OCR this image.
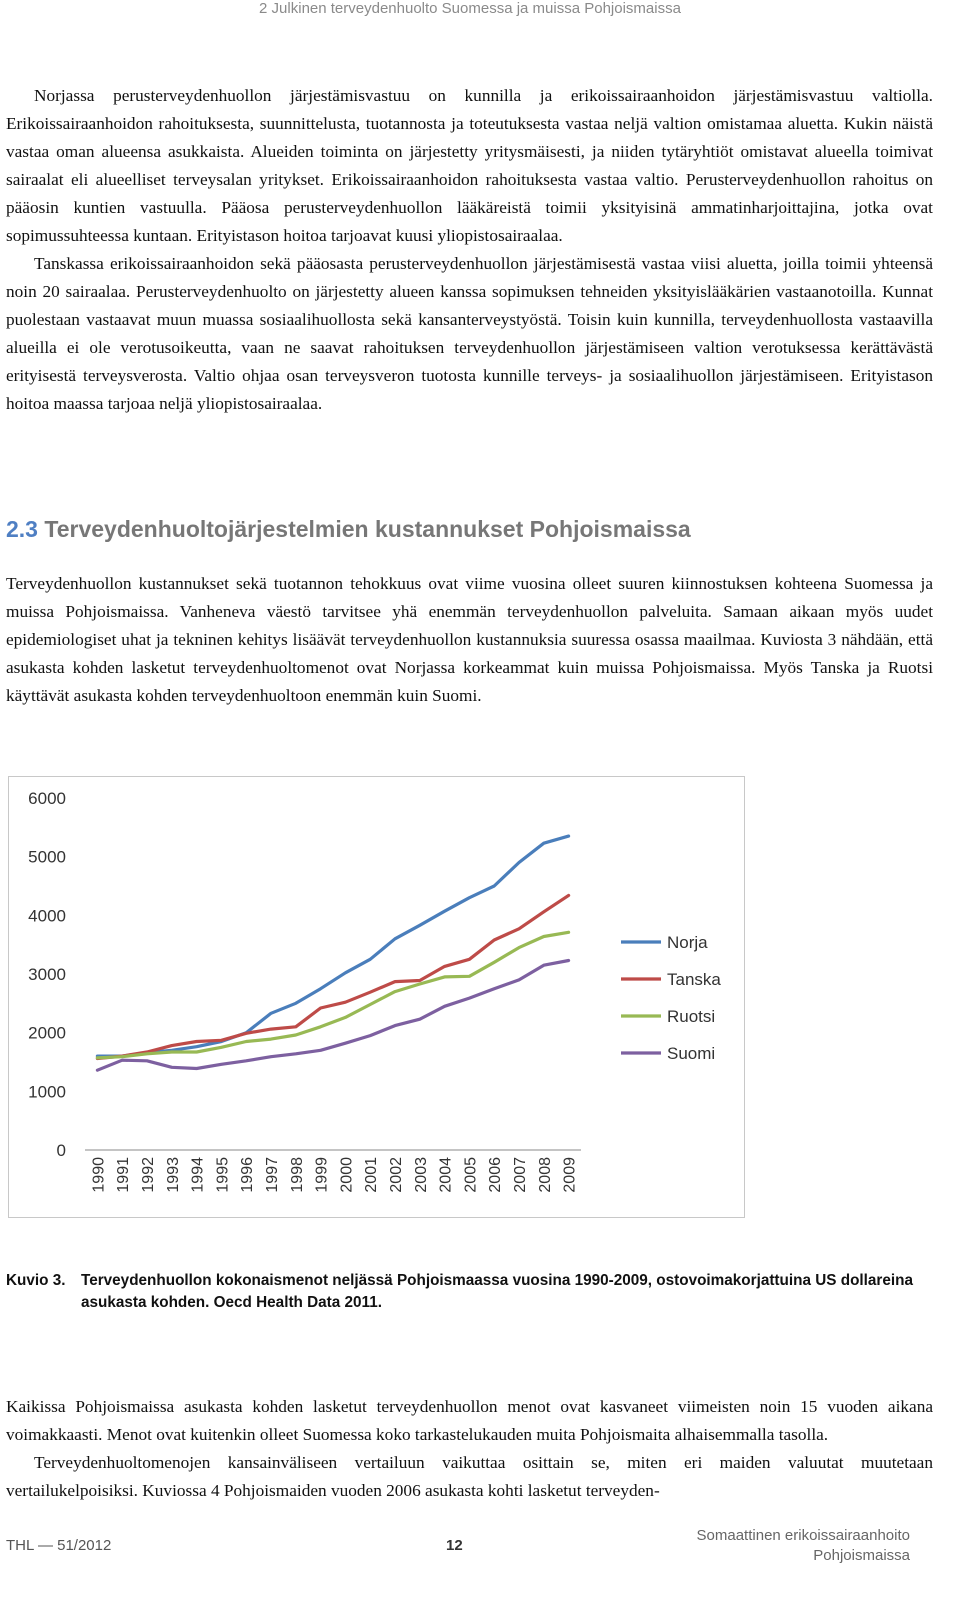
2 Julkinen terveydenhuolto Suomessa ja muissa Pohjoismaissa

Norjassa perusterveydenhuollon järjestämisvastuu on kunnilla ja erikoissairaanhoidon järjestämisvastuu valtiolla. Erikoissairaanhoidon rahoituksesta, suunnittelusta, tuotannosta ja toteutuksesta vastaa neljä valtion omistamaa aluetta. Kukin näistä vastaa oman alueensa asukkaista. Alueiden toiminta on järjestetty yritysmäisesti, ja niiden tytäryhtiöt omistavat alueella toimivat sairaalat eli alueelliset terveysalan yritykset. Erikoissairaanhoidon rahoituksesta vastaa valtio. Perusterveydenhuollon rahoitus on pääosin kuntien vastuulla. Pääosa perusterveydenhuollon lääkäreistä toimii yksityisinä ammatinharjoittajina, jotka ovat sopimussuhteessa kuntaan. Erityistason hoitoa tarjoavat kuusi yliopistosairaalaa.

Tanskassa erikoissairaanhoidon sekä pääosasta perusterveydenhuollon järjestämisestä vastaa viisi aluetta, joilla toimii yhteensä noin 20 sairaalaa. Perusterveydenhuolto on järjestetty alueen kanssa sopimuksen tehneiden yksityislääkärien vastaanotoilla. Kunnat puolestaan vastaavat muun muassa sosiaalihuollosta sekä kansanterveystyöstä. Toisin kuin kunnilla, terveydenhuollosta vastaavilla alueilla ei ole verotusoikeutta, vaan ne saavat rahoituksen terveydenhuollon järjestämiseen valtion verotuksessa kerättävästä erityisestä terveysverosta. Valtio ohjaa osan terveysveron tuotosta kunnille terveys- ja sosiaalihuollon järjestämiseen. Erityistason hoitoa maassa tarjoaa neljä yliopistosairaalaa.

2.3 Terveydenhuoltojärjestelmien kustannukset Pohjoismaissa

Terveydenhuollon kustannukset sekä tuotannon tehokkuus ovat viime vuosina olleet suuren kiinnostuksen kohteena Suomessa ja muissa Pohjoismaissa. Vanheneva väestö tarvitsee yhä enemmän terveydenhuollon palveluita. Samaan aikaan myös uudet epidemiologiset uhat ja tekninen kehitys lisäävät terveydenhuollon kustannuksia suuressa osassa maailmaa. Kuviosta 3 nähdään, että asukasta kohden lasketut terveydenhuoltomenot ovat Norjassa korkeammat kuin muissa Pohjoismaissa. Myös Tanska ja Ruotsi käyttävät asukasta kohden terveydenhuoltoon enemmän kuin Suomi.

0
1000
2000
3000
4000
5000
6000
1990 1991 1992 1993 1994 1995 1996 1997 1998 1999 2000 2001 2002 2003 2004 2005 2006 2007 2008 2009
Norja
Tanska
Ruotsi
Suomi
Kuvio 3.	Terveydenhuollon kokonaismenot neljässä Pohjoismaassa vuosina 1990-2009, ostovoimakorjattuina US dollareina asukasta kohden. Oecd Health Data 2011.

Kaikissa Pohjoismaissa asukasta kohden lasketut terveydenhuollon menot ovat kasvaneet viimeisten noin 15 vuoden aikana voimakkaasti. Menot ovat kuitenkin olleet Suomessa koko tarkastelukauden muita Pohjoismaita alhaisemmalla tasolla.

Terveydenhuoltomenojen kansainväliseen vertailuun vaikuttaa osittain se, miten eri maiden valuutat muutetaan vertailukelpoisiksi. Kuviossa 4 Pohjoismaiden vuoden 2006 asukasta kohti lasketut terveyden-

THL — 51/2012	12
Somaattinen erikoissairaanhoito
Pohjoismaissa
